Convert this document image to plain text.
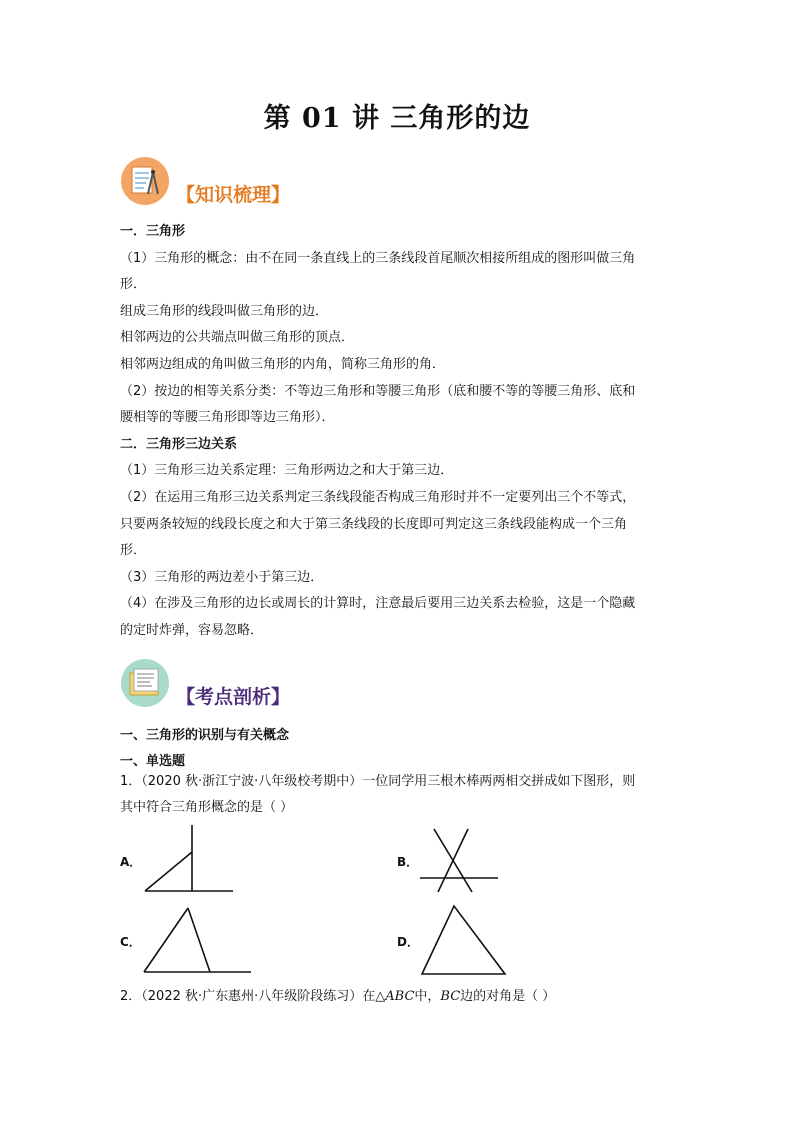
第 01 讲 三角形的边
【知识梳理】

一．三角形

（1）三角形的概念：由不在同一条直线上的三条线段首尾顺次相接所组成的图形叫做三角

形．

组成三角形的线段叫做三角形的边．

相邻两边的公共端点叫做三角形的顶点．

相邻两边组成的角叫做三角形的内角，简称三角形的角．

（2）按边的相等关系分类：不等边三角形和等腰三角形（底和腰不等的等腰三角形、底和

腰相等的等腰三角形即等边三角形）．

二．三角形三边关系

（1）三角形三边关系定理：三角形两边之和大于第三边．

（2）在运用三角形三边关系判定三条线段能否构成三角形时并不一定要列出三个不等式，

只要两条较短的线段长度之和大于第三条线段的长度即可判定这三条线段能构成一个三角

形．

（3）三角形的两边差小于第三边．

（4）在涉及三角形的边长或周长的计算时，注意最后要用三边关系去检验，这是一个隐藏

的定时炸弹，容易忽略．

【考点剖析】
一、三角形的识别与有关概念
一、单选题

1．（2020 秋·浙江宁波·八年级校考期中）一位同学用三根木棒两两相交拼成如下图形，则

其中符合三角形概念的是（ ）

A．	B．
C．	D．

2．（2022 秋·广东惠州·八年级阶段练习）在△ABC中，BC边的对角是（ ）
